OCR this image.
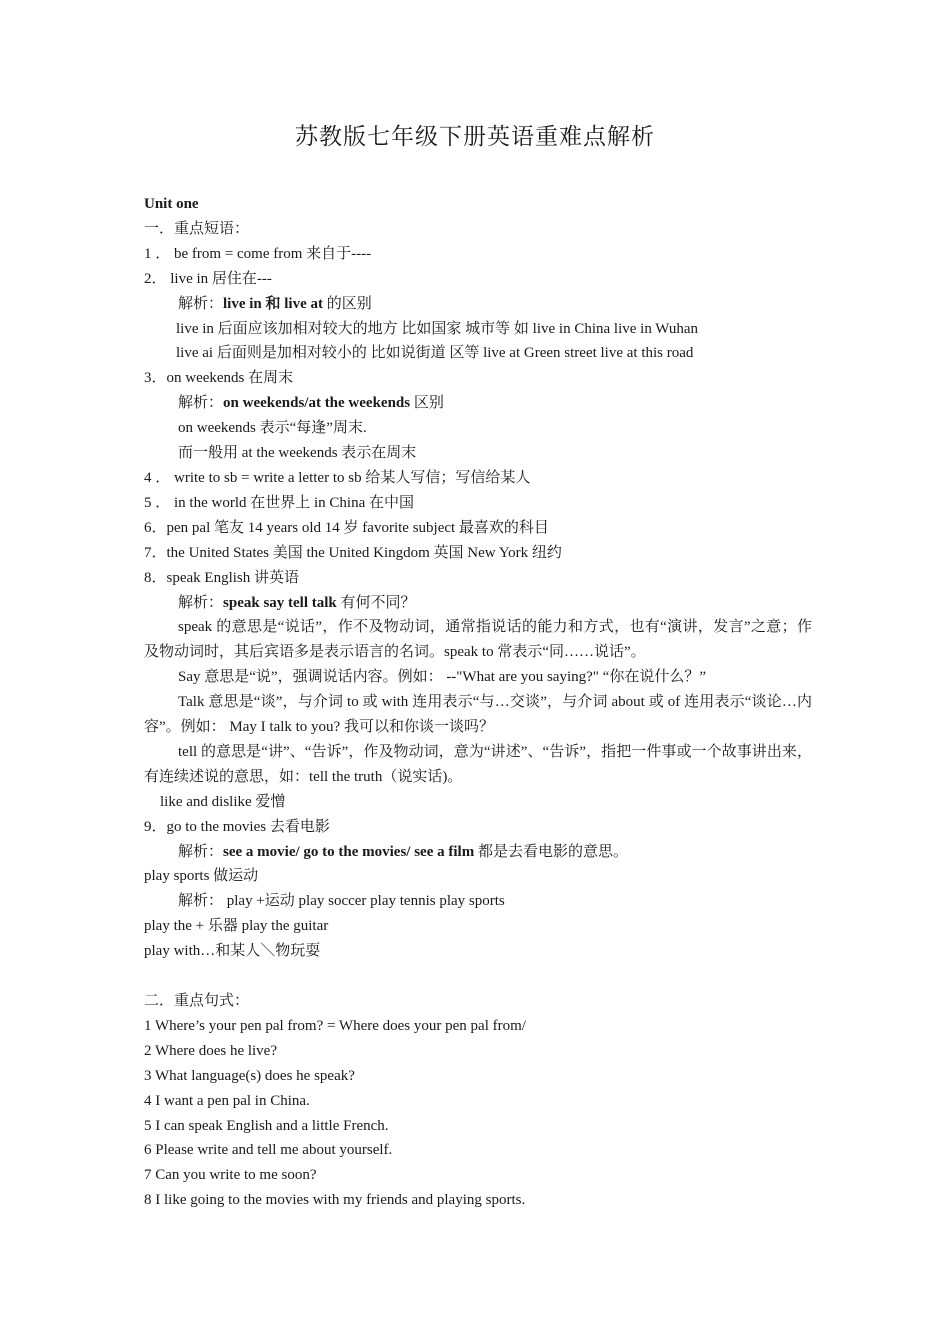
苏教版七年级下册英语重难点解析

Unit one

一．重点短语：

1 ． be from = come from 来自于----

2． live in 居住在---

解析：live in 和 live at 的区别

live in 后面应该加相对较大的地方 比如国家 城市等 如 live in China live in Wuhan

live ai 后面则是加相对较小的 比如说街道 区等 live at Green street live at this road

3．on weekends 在周末

解析：on weekends/at the weekends 区别

on weekends 表示“每逢”周末.

而一般用 at the weekends 表示在周末

4 ． write to sb = write a letter to sb 给某人写信；写信给某人

5 ． in the world 在世界上 in China 在中国

6．pen pal 笔友 14 years old 14 岁 favorite subject 最喜欢的科目

7．the United States 美国 the United Kingdom 英国 New York 纽约

8．speak English 讲英语

解析：speak say tell talk 有何不同？

speak 的意思是“说话”，作不及物动词，通常指说话的能力和方式，也有“演讲，发言”之意；作及物动词时，其后宾语多是表示语言的名词。speak to 常表示“同……说话”。

Say 意思是“说”，强调说话内容。例如： --"What are you saying?" “你在说什么？”

Talk 意思是“谈”，与介词 to 或 with 连用表示“与…交谈”，与介词 about 或 of 连用表示“谈论…内容”。例如： May I talk to you? 我可以和你谈一谈吗？

tell 的意思是“讲”、“告诉”，作及物动词，意为“讲述”、“告诉”，指把一件事或一个故事讲出来，有连续述说的意思，如：tell the truth（说实话)。

like and dislike 爱憎

9．go to the movies 去看电影

解析：see a movie/ go to the movies/ see a film 都是去看电影的意思。

play sports 做运动

解析： play +运动 play soccer play tennis play sports

play the + 乐器 play the guitar

play with…和某人＼物玩耍

二．重点句式：

1 Where’s your pen pal from? = Where does your pen pal from/

2 Where does he live?

3 What language(s) does he speak?

4 I want a pen pal in China.

5 I can speak English and a little French.

6 Please write and tell me about yourself.

7 Can you write to me soon?

8 I like going to the movies with my friends and playing sports.
